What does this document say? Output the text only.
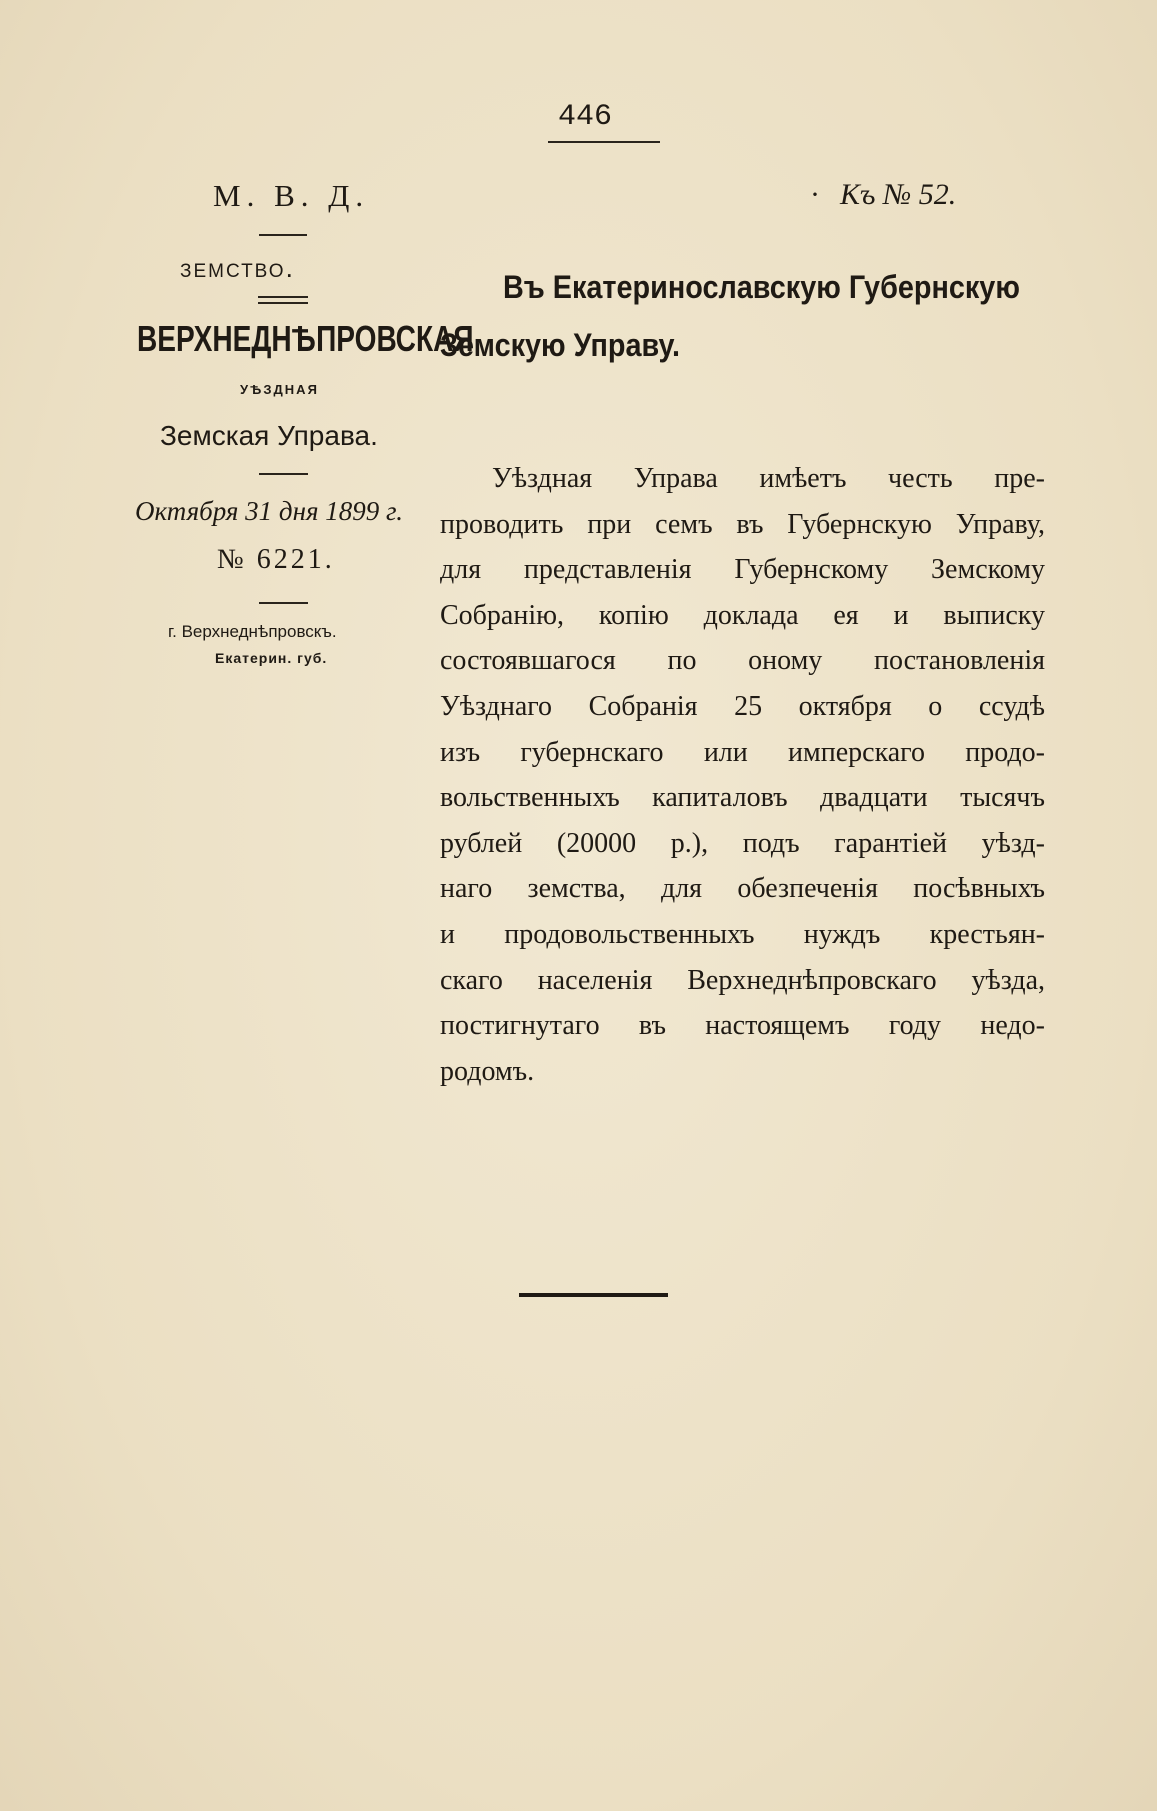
446
М. В. Д.	· Къ № 52.
земство.
ВЕРХНЕДНѢПРОВСКАЯ
УѢЗДНАЯ
Земская Управа.
Октября 31 дня 1899 г.
№ 6221.
г. Верхнеднѣпровскъ.
Екатерин. губ.
Въ Екатеринославскую Губернскую
Земскую Управу.
Уѣздная Управа имѣетъ честь пре-
проводить при семъ въ Губернскую Управу,
для представленія Губернскому Земскому
Собранію, копію доклада ея и выписку
состоявшагося по оному постановленія
Уѣзднаго Собранія 25 октября о ссудѣ
изъ губернскаго или имперскаго продо-
вольственныхъ капиталовъ двадцати тысячъ
рублей (20000 р.), подъ гарантіей уѣзд-
наго земства, для обезпеченія посѣвныхъ
и продовольственныхъ нуждъ крестьян-
скаго населенія Верхнеднѣпровскаго уѣзда,
постигнутаго въ настоящемъ году недо-
родомъ.
